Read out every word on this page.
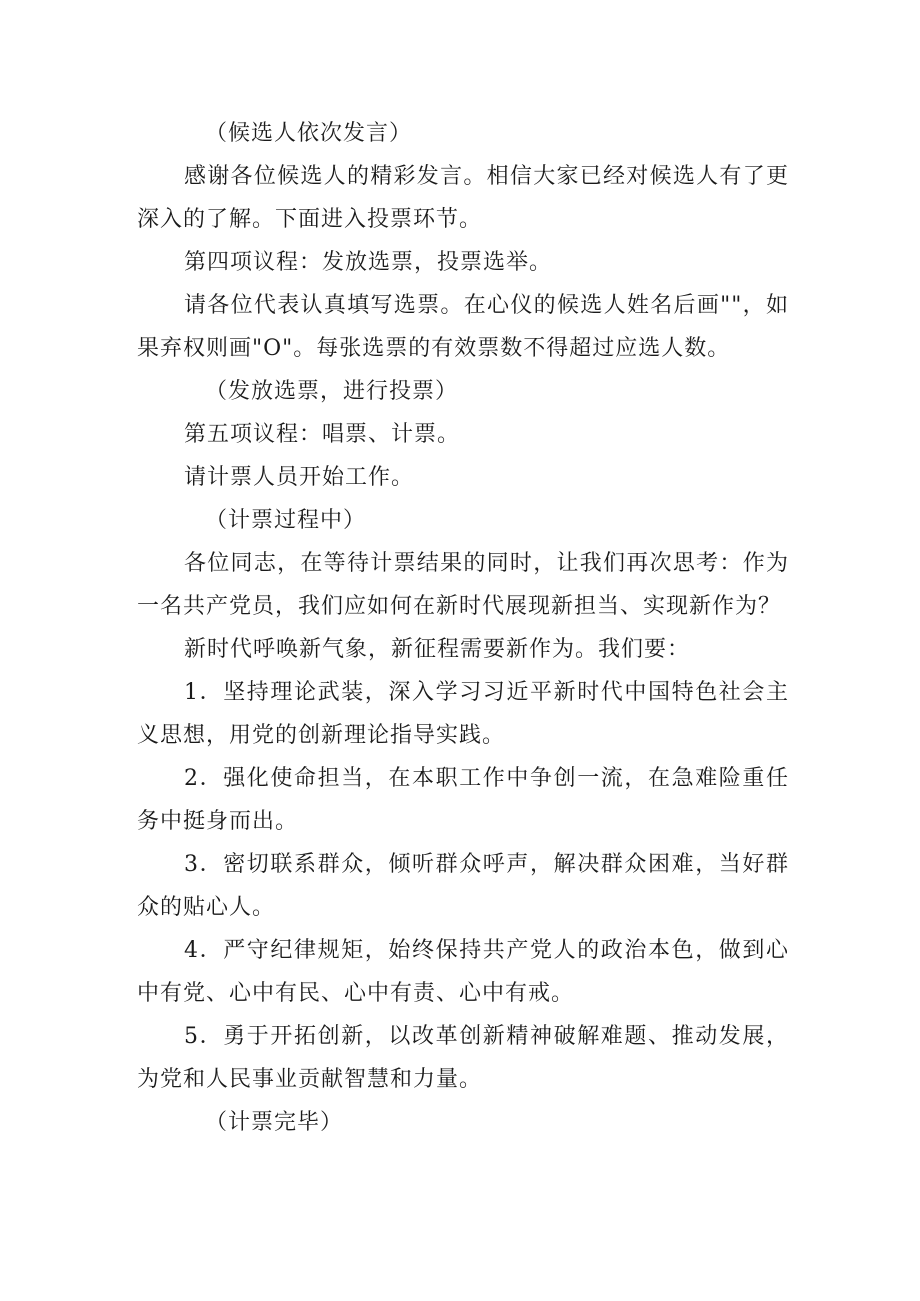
（候选人依次发言）

感谢各位候选人的精彩发言。相信大家已经对候选人有了更深入的了解。下面进入投票环节。

第四项议程：发放选票，投票选举。

请各位代表认真填写选票。在心仪的候选人姓名后画""，如果弃权则画"O"。每张选票的有效票数不得超过应选人数。

（发放选票，进行投票）

第五项议程：唱票、计票。

请计票人员开始工作。

（计票过程中）

各位同志，在等待计票结果的同时，让我们再次思考：作为一名共产党员，我们应如何在新时代展现新担当、实现新作为？

新时代呼唤新气象，新征程需要新作为。我们要：

1．坚持理论武装，深入学习习近平新时代中国特色社会主义思想，用党的创新理论指导实践。

2．强化使命担当，在本职工作中争创一流，在急难险重任务中挺身而出。

3．密切联系群众，倾听群众呼声，解决群众困难，当好群众的贴心人。

4．严守纪律规矩，始终保持共产党人的政治本色，做到心中有党、心中有民、心中有责、心中有戒。

5．勇于开拓创新，以改革创新精神破解难题、推动发展，为党和人民事业贡献智慧和力量。

（计票完毕）
